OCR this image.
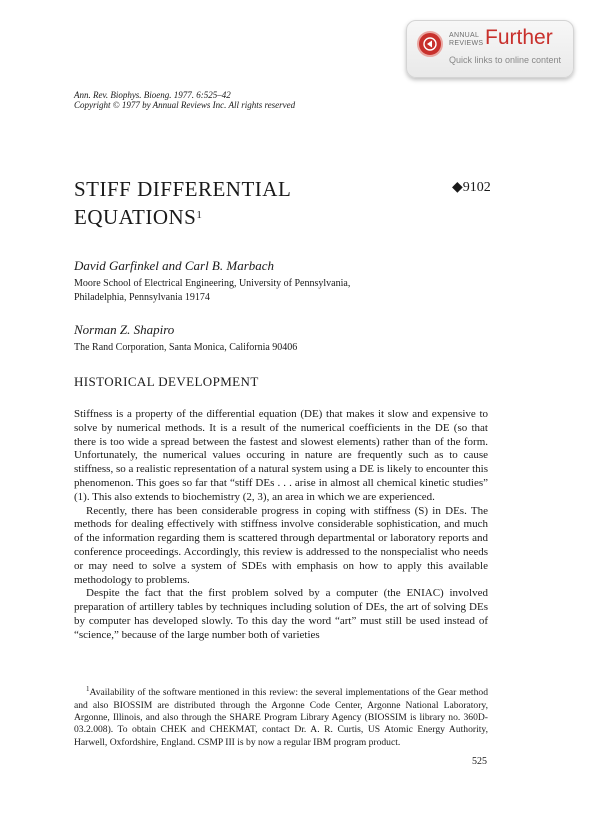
ANNUAL
REVIEWS Further
Quick links to online content
Ann. Rev. Biophys. Bioeng. 1977. 6:525–42
Copyright © 1977 by Annual Reviews Inc. All rights reserved
STIFF DIFFERENTIAL
EQUATIONS$^1$
◆9102
David Garfinkel and Carl B. Marbach
Moore School of Electrical Engineering, University of Pennsylvania,
Philadelphia, Pennsylvania 19174
Norman Z. Shapiro
The Rand Corporation, Santa Monica, California 90406
HISTORICAL DEVELOPMENT

Stiffness is a property of the differential equation (DE) that makes it slow and expensive to solve by numerical methods. It is a result of the numerical coefficients in the DE (so that there is too wide a spread between the fastest and slowest elements) rather than of the form. Unfortunately, the numerical values occuring in nature are frequently such as to cause stiffness, so a realistic representation of a natural system using a DE is likely to encounter this phenomenon. This goes so far that “stiff DEs . . . arise in almost all chemical kinetic studies” (1). This also extends to biochemistry (2, 3), an area in which we are experienced.

Recently, there has been considerable progress in coping with stiffness (S) in DEs. The methods for dealing effectively with stiffness involve considerable sophistication, and much of the information regarding them is scattered through departmental or laboratory reports and conference proceedings. Accordingly, this review is addressed to the nonspecialist who needs or may need to solve a system of SDEs with emphasis on how to apply this available methodology to problems.

Despite the fact that the first problem solved by a computer (the ENIAC) involved preparation of artillery tables by techniques including solution of DEs, the art of solving DEs by computer has developed slowly. To this day the word “art” must still be used instead of “science,” because of the large number both of varieties

$^1$Availability of the software mentioned in this review: the several implementations of the Gear method and also BIOSSIM are distributed through the Argonne Code Center, Argonne National Laboratory, Argonne, Illinois, and also through the SHARE Program Library Agency (BIOSSIM is library no. 360D-03.2.008). To obtain CHEK and CHEKMAT, contact Dr. A. R. Curtis, US Atomic Energy Authority, Harwell, Oxfordshire, England. CSMP III is by now a regular IBM program product.

525
